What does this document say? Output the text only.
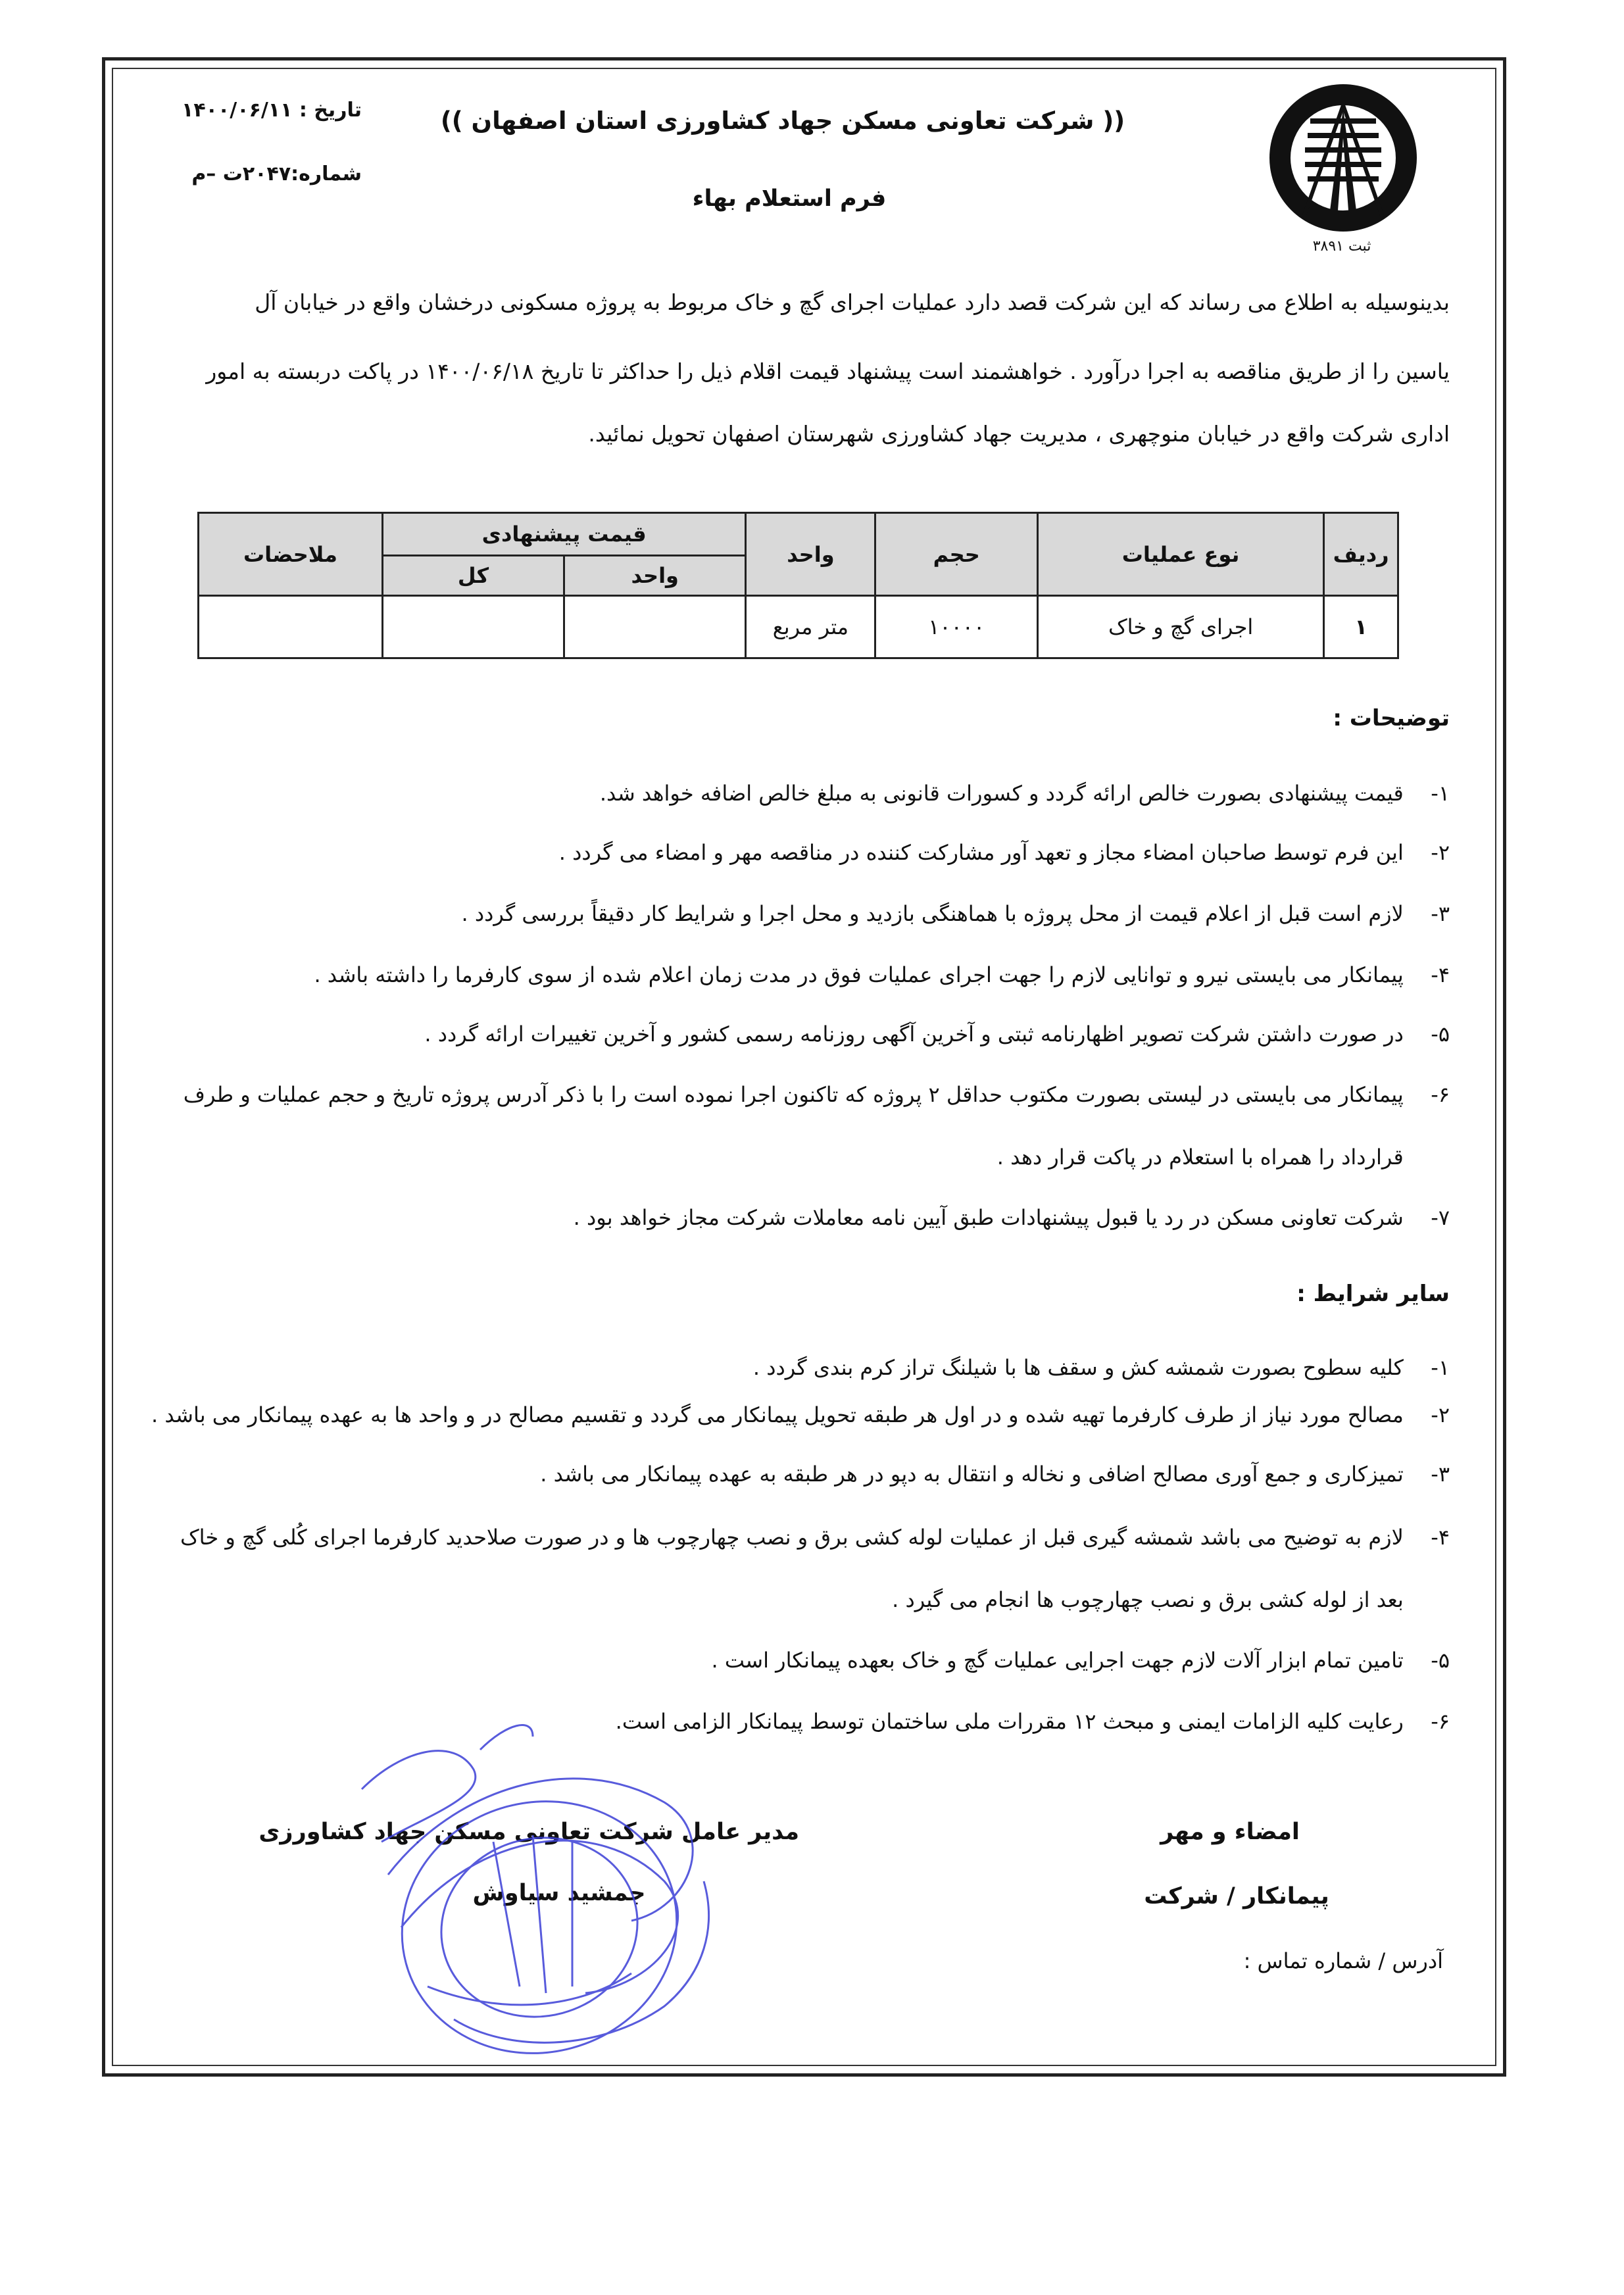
ثبت ۳۸۹۱
(( شرکت تعاونی مسکن جهاد کشاورزی استان اصفهان ))
فرم استعلام بهاء
تاریخ : ۱۴۰۰/۰۶/۱۱
شماره:۲۰۴۷ت –م
بدینوسیله به اطلاع می رساند که این شرکت قصد دارد عملیات اجرای گچ و خاک مربوط به پروژه مسکونی درخشان واقع در خیابان آل
یاسین را از طریق مناقصه به اجرا درآورد . خواهشمند است پیشنهاد قیمت اقلام ذیل را حداکثر تا تاریخ ۱۴۰۰/۰۶/۱۸ در پاکت دربسته به امور
اداری شرکت واقع در خیابان منوچهری ، مدیریت جهاد کشاورزی شهرستان اصفهان تحویل نمائید.
ردیف	نوع عملیات	حجم	واحد	قیمت پیشنهادی		ملاحضات
				واحد	کل	
۱	اجرای گچ و خاک	۱۰۰۰۰	متر مربع			
توضیحات :
۱- قیمت پیشنهادی بصورت خالص ارائه گردد و کسورات قانونی به مبلغ خالص اضافه خواهد شد.
۲- این فرم توسط صاحبان امضاء مجاز و تعهد آور مشارکت کننده در مناقصه مهر و امضاء می گردد .
۳- لازم است قبل از اعلام قیمت از محل پروژه با هماهنگی بازدید و محل اجرا و شرایط کار دقیقاً بررسی گردد .
۴- پیمانکار می بایستی نیرو و توانایی لازم را جهت اجرای عملیات فوق در مدت زمان اعلام شده از سوی کارفرما را داشته باشد .
۵- در صورت داشتن شرکت تصویر اظهارنامه ثبتی و آخرین آگهی روزنامه رسمی کشور و آخرین تغییرات ارائه گردد .
۶- پیمانکار می بایستی در لیستی بصورت مکتوب حداقل ۲ پروژه که تاکنون اجرا نموده است را با ذکر آدرس پروژه تاریخ و حجم عملیات و طرف
قرارداد را همراه با استعلام در پاکت قرار دهد .
۷- شرکت تعاونی مسکن در رد یا قبول پیشنهادات طبق آیین نامه معاملات شرکت مجاز خواهد بود .
سایر شرایط :
۱- کلیه سطوح بصورت شمشه کش و سقف ها با شیلنگ تراز کرم بندی گردد .
۲- مصالح مورد نیاز از طرف کارفرما تهیه شده و در اول هر طبقه تحویل پیمانکار می گردد و تقسیم مصالح در و واحد ها به عهده پیمانکار می باشد .
۳- تمیزکاری و جمع آوری مصالح اضافی و نخاله و انتقال به دپو در هر طبقه به عهده پیمانکار می باشد .
۴- لازم به توضیح می باشد شمشه گیری قبل از عملیات لوله کشی برق و نصب چهارچوب ها و در صورت صلاحدید کارفرما اجرای کُلی گچ و خاک
بعد از لوله کشی برق و نصب چهارچوب ها انجام می گیرد .
۵- تامین تمام ابزار آلات لازم جهت اجرایی عملیات گچ و خاک بعهده پیمانکار است .
۶- رعایت کلیه الزامات ایمنی و مبحث ۱۲ مقررات ملی ساختمان توسط پیمانکار الزامی است.
مدیر عامل شرکت تعاونی مسکن جهاد کشاورزی
جمشید سیاوش
امضاء و مهر
پیمانکار / شرکت
آدرس / شماره تماس :
